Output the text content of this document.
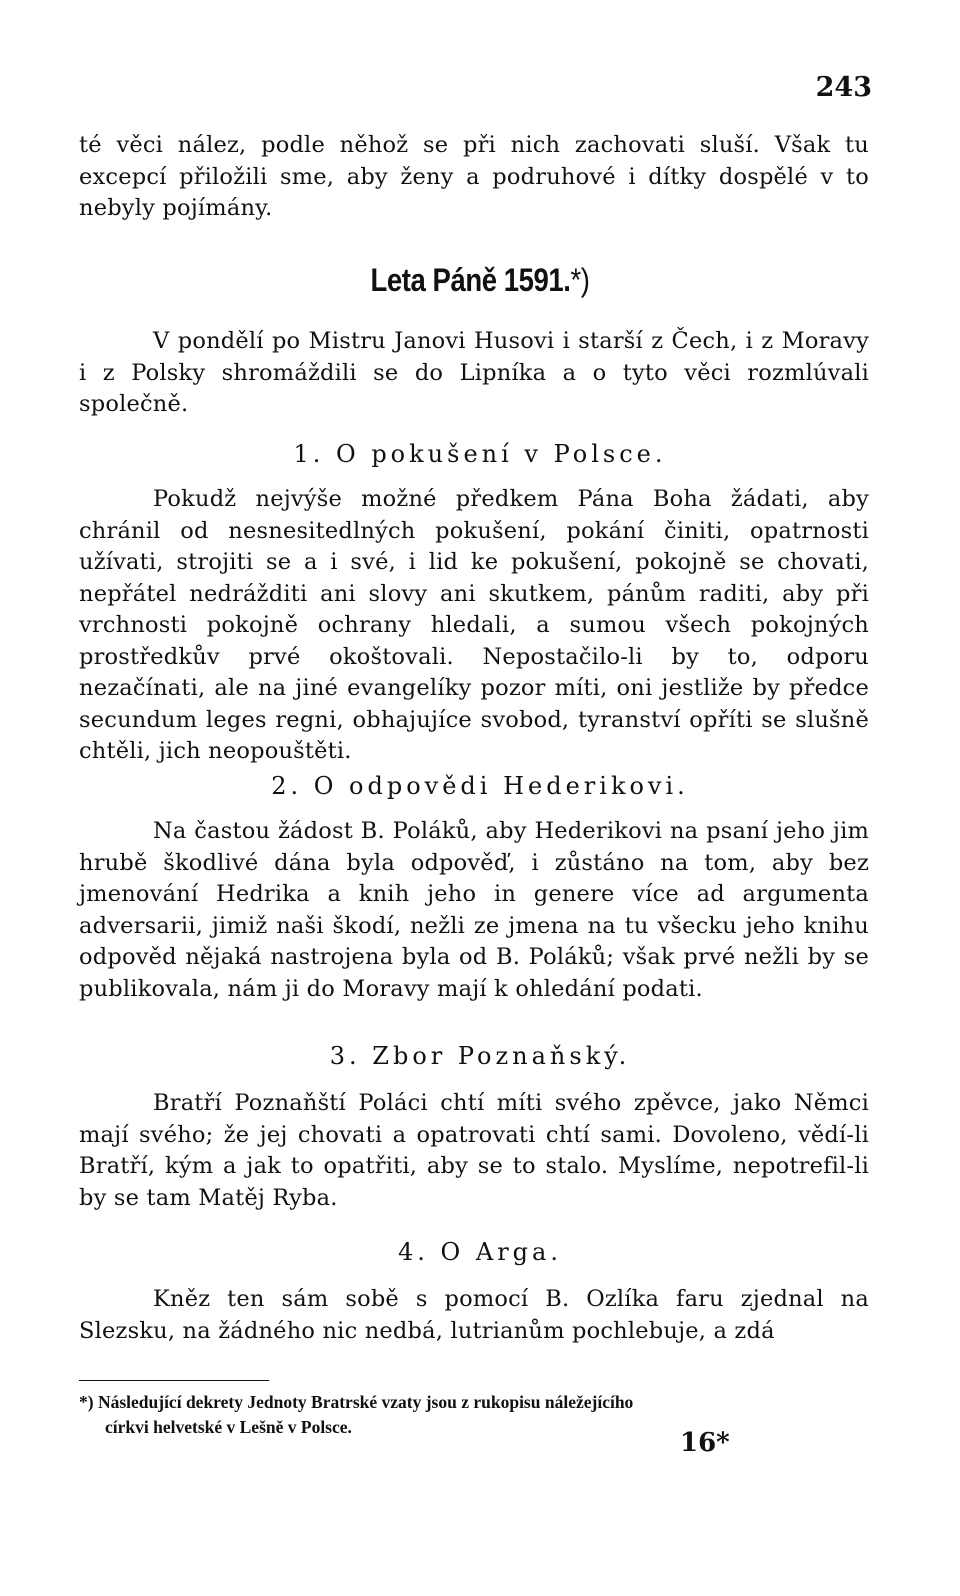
243

té věci nález, podle něhož se při nich zachovati sluší. Však tu excepcí přiložili sme, aby ženy a podruhové i dítky dospělé v to nebyly pojímány.

Leta Páně 1591.*)

V pondělí po Mistru Janovi Husovi i starší z Čech, i z Moravy i z Polsky shromáždili se do Lipníka a o tyto věci rozmlúvali společně.

1. O pokušení v Polsce.

Pokudž nejvýše možné předkem Pána Boha žádati, aby chránil od nesnesitedlných pokušení, pokání činiti, opatrnosti užívati, strojiti se a i své, i lid ke pokušení, pokojně se chovati, nepřátel nedrážditi ani slovy ani skutkem, pánům raditi, aby při vrchnosti pokojně ochrany hledali, a sumou všech pokojných prostředkův prvé okoštovali. Nepostačilo-li by to, odporu nezačínati, ale na jiné evangelíky pozor míti, oni jestliže by předce secundum leges regni, obhajujíce svobod, tyranství opříti se slušně chtěli, jich neopouštěti.

2. O odpovědi Hederikovi.

Na častou žádost B. Poláků, aby Hederikovi na psaní jeho jim hrubě škodlivé dána byla odpověď, i zůstáno na tom, aby bez jmenování Hedrika a knih jeho in genere více ad argumenta adversarii, jimiž naši škodí, nežli ze jmena na tu všecku jeho knihu odpověd nějaká nastrojena byla od B. Poláků; však prvé nežli by se publikovala, nám ji do Moravy mají k ohledání podati.

3. Zbor Poznaňský.

Bratří Poznaňští Poláci chtí míti svého zpěvce, jako Němci mají svého; že jej chovati a opatrovati chtí sami. Dovoleno, vědí-li Bratří, kým a jak to opatřiti, aby se to stalo. Myslíme, nepotrefil-li by se tam Matěj Ryba.

4. O Arga.

Kněz ten sám sobě s pomocí B. Ozlíka faru zjednal na Slezsku, na žádného nic nedbá, lutrianům pochlebuje, a zdá

*) Následující dekrety Jednoty Bratrské vzaty jsou z rukopisu náležejícího
církvi helvetské v Lešně v Polsce.

16*
